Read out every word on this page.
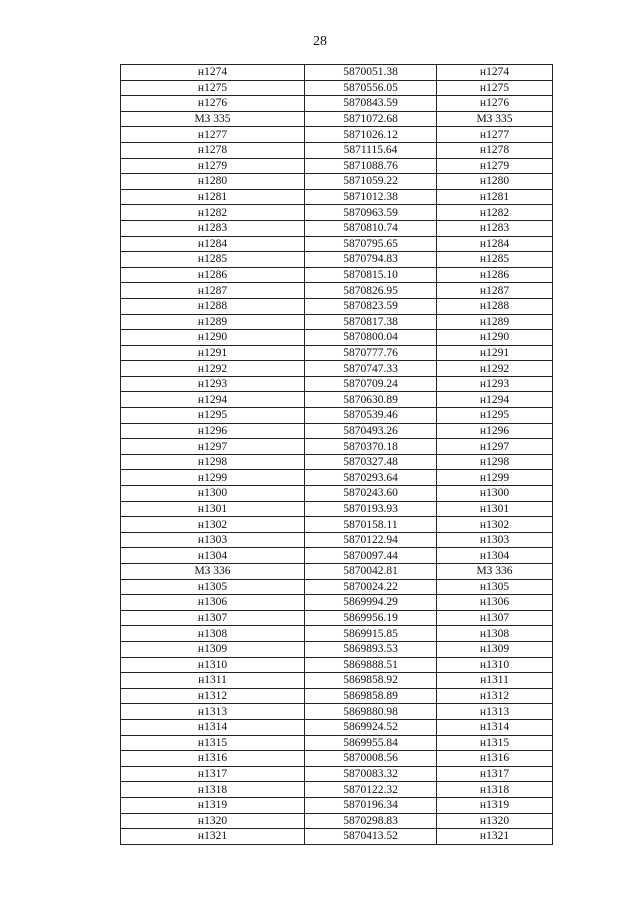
28
н1274	5870051.38	н1274
н1275	5870556.05	н1275
н1276	5870843.59	н1276
МЗ 335	5871072.68	МЗ 335
н1277	5871026.12	н1277
н1278	5871115.64	н1278
н1279	5871088.76	н1279
н1280	5871059.22	н1280
н1281	5871012.38	н1281
н1282	5870963.59	н1282
н1283	5870810.74	н1283
н1284	5870795.65	н1284
н1285	5870794.83	н1285
н1286	5870815.10	н1286
н1287	5870826.95	н1287
н1288	5870823.59	н1288
н1289	5870817.38	н1289
н1290	5870800.04	н1290
н1291	5870777.76	н1291
н1292	5870747.33	н1292
н1293	5870709.24	н1293
н1294	5870630.89	н1294
н1295	5870539.46	н1295
н1296	5870493.26	н1296
н1297	5870370.18	н1297
н1298	5870327.48	н1298
н1299	5870293.64	н1299
н1300	5870243.60	н1300
н1301	5870193.93	н1301
н1302	5870158.11	н1302
н1303	5870122.94	н1303
н1304	5870097.44	н1304
МЗ 336	5870042.81	МЗ 336
н1305	5870024.22	н1305
н1306	5869994.29	н1306
н1307	5869956.19	н1307
н1308	5869915.85	н1308
н1309	5869893.53	н1309
н1310	5869888.51	н1310
н1311	5869858.92	н1311
н1312	5869858.89	н1312
н1313	5869880.98	н1313
н1314	5869924.52	н1314
н1315	5869955.84	н1315
н1316	5870008.56	н1316
н1317	5870083.32	н1317
н1318	5870122.32	н1318
н1319	5870196.34	н1319
н1320	5870298.83	н1320
н1321	5870413.52	н1321
